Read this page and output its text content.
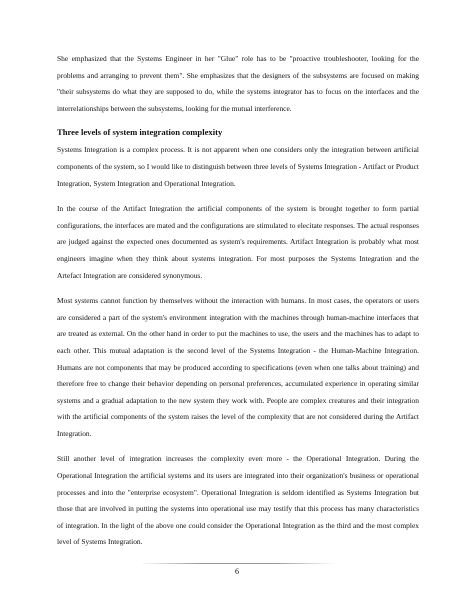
She emphasized that the Systems Engineer in her "Glue" role has to be "proactive troubleshooter, looking for the problems and arranging to prevent them". She emphasizes that the designers of the subsystems are focused on making "their subsystems do what they are supposed to do, while the systems integrator has to focus on the interfaces and the interrelationships between the subsystems, looking for the mutual interference.

Three levels of system integration complexity

Systems Integration is a complex process. It is not apparent when one considers only the integration between artificial components of the system, so I would like to distinguish between three levels of Systems Integration - Artifact or Product Integration, System Integration and Operational Integration.

In the course of the Artifact Integration the artificial components of the system is brought together to form partial configurations, the interfaces are mated and the configurations are stimulated to elecitate responses. The actual responses are judged against the expected ones documented as system's requirements. Artifact Integration is probably what most engineers imagine when they think about systems integration. For most purposes the Systems Integration and the Artefact Integration are considered synonymous.

Most systems cannot function by themselves without the interaction with humans. In most cases, the operators or users are considered a part of the system's environment integration with the machines through human-machine interfaces that are treated as external. On the other hand in order to put the machines to use, the users and the machines has to adapt to each other. This mutual adaptation is the second level of the Systems Integration - the Human-Machine Integration. Humans are not components that may be produced according to specifications (even when one talks about training) and therefore free to change their behavior depending on personal preferences, accumulated experience in operating similar systems and a gradual adaptation to the new system they work with. People are complex creatures and their integration with the artificial components of the system raises the level of the complexity that are not considered during the Artifact Integration.

Still another level of integration increases the complexity even more - the Operational Integration. During the Operational Integration the artificial systems and its users are integrated into their organization's business or operational processes and into the "enterprise ecosystem". Operational Integration is seldom identified as Systems Integration but those that are involved in putting the systems into operational use may testify that this process has many characteristics of integration. In the light of the above one could consider the Operational Integration as the third and the most complex level of Systems Integration.

6
